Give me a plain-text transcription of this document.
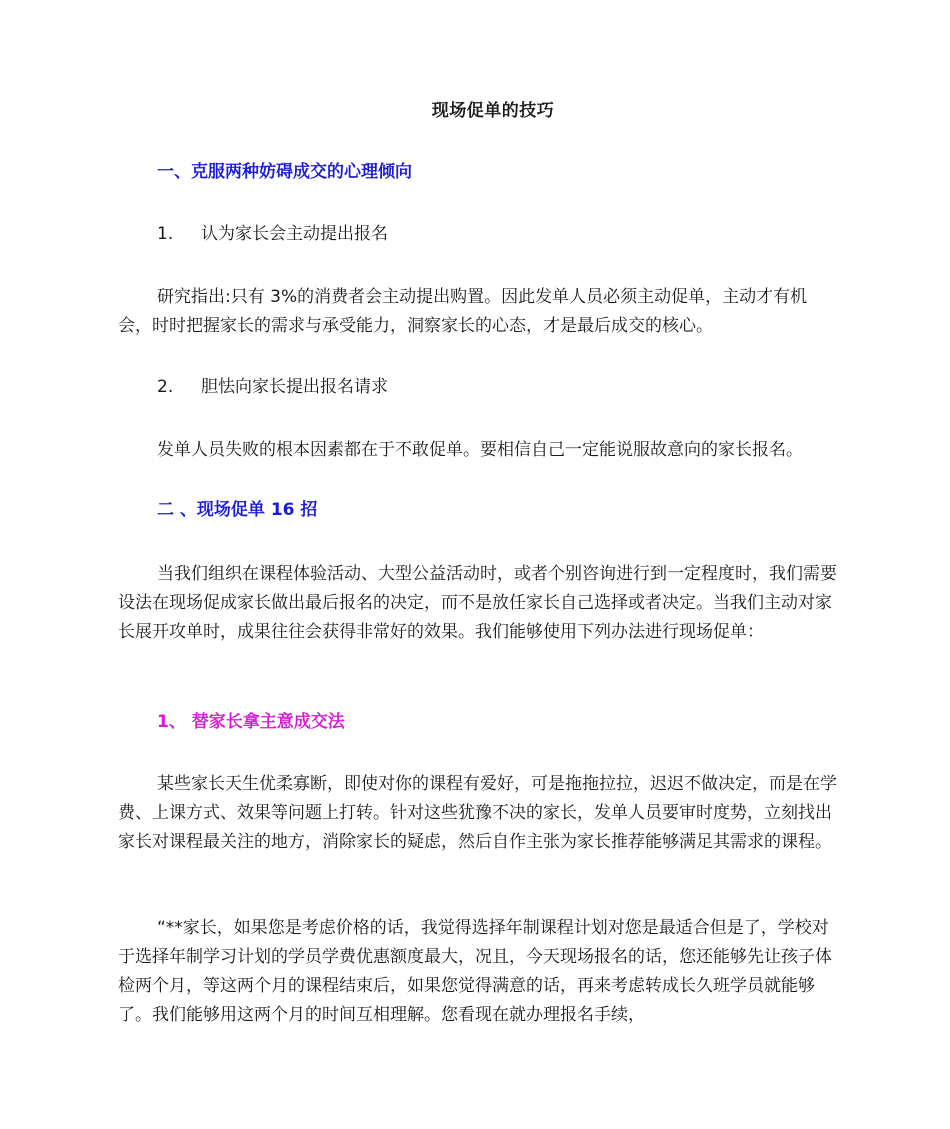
现场促单的技巧
一、克服两种妨碍成交的心理倾向
1. 认为家长会主动提出报名
研究指出:只有 3%的消费者会主动提出购置。因此发单人员必须主动促单，主动才有机会，时时把握家长的需求与承受能力，洞察家长的心态，才是最后成交的核心。
2. 胆怯向家长提出报名请求
发单人员失败的根本因素都在于不敢促单。要相信自己一定能说服故意向的家长报名。
二 、现场促单 16 招
当我们组织在课程体验活动、大型公益活动时，或者个别咨询进行到一定程度时，我们需要设法在现场促成家长做出最后报名的决定，而不是放任家长自己选择或者决定。当我们主动对家长展开攻单时，成果往往会获得非常好的效果。我们能够使用下列办法进行现场促单：
1、 替家长拿主意成交法
某些家长天生优柔寡断，即使对你的课程有爱好，可是拖拖拉拉，迟迟不做决定，而是在学费、上课方式、效果等问题上打转。针对这些犹豫不决的家长，发单人员要审时度势，立刻找出家长对课程最关注的地方，消除家长的疑虑，然后自作主张为家长推荐能够满足其需求的课程。
“**家长，如果您是考虑价格的话，我觉得选择年制课程计划对您是最适合但是了，学校对于选择年制学习计划的学员学费优惠额度最大，况且，今天现场报名的话，您还能够先让孩子体检两个月，等这两个月的课程结束后，如果您觉得满意的话，再来考虑转成长久班学员就能够了。我们能够用这两个月的时间互相理解。您看现在就办理报名手续，
